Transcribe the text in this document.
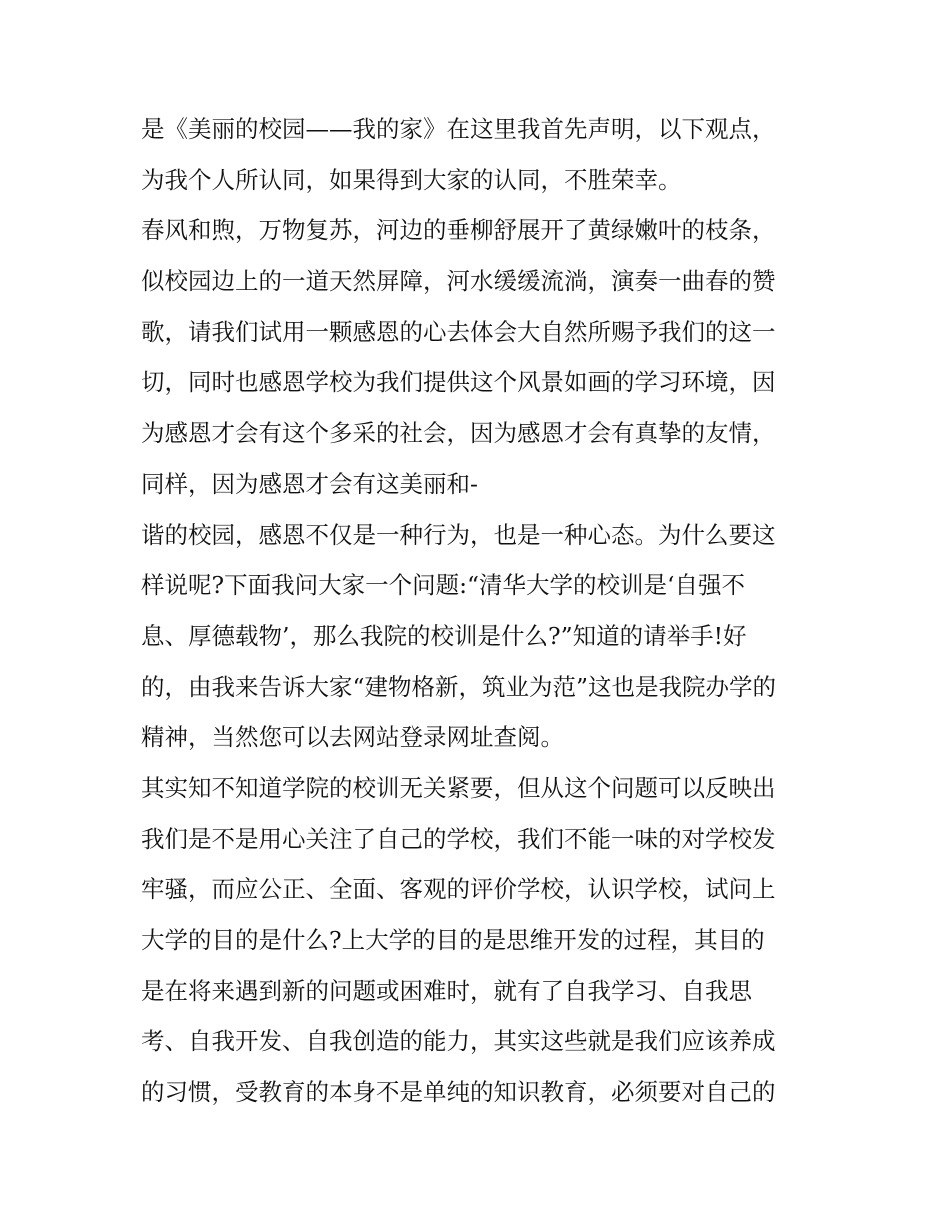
是《美丽的校园——我的家》在这里我首先声明，以下观点，
为我个人所认同，如果得到大家的认同，不胜荣幸。
春风和煦，万物复苏，河边的垂柳舒展开了黄绿嫩叶的枝条，
似校园边上的一道天然屏障，河水缓缓流淌，演奏一曲春的赞
歌，请我们试用一颗感恩的心去体会大自然所赐予我们的这一
切，同时也感恩学校为我们提供这个风景如画的学习环境，因
为感恩才会有这个多采的社会，因为感恩才会有真挚的友情，
同样，因为感恩才会有这美丽和-
谐的校园，感恩不仅是一种行为，也是一种心态。为什么要这
样说呢?下面我问大家一个问题:“清华大学的校训是‘自强不
息、厚德载物’，那么我院的校训是什么?”知道的请举手!好
的，由我来告诉大家“建物格新，筑业为范”这也是我院办学的
精神，当然您可以去网站登录网址查阅。
其实知不知道学院的校训无关紧要，但从这个问题可以反映出
我们是不是用心关注了自己的学校，我们不能一味的对学校发
牢骚，而应公正、全面、客观的评价学校，认识学校，试问上
大学的目的是什么?上大学的目的是思维开发的过程，其目的
是在将来遇到新的问题或困难时，就有了自我学习、自我思
考、自我开发、自我创造的能力，其实这些就是我们应该养成
的习惯，受教育的本身不是单纯的知识教育，必须要对自己的
